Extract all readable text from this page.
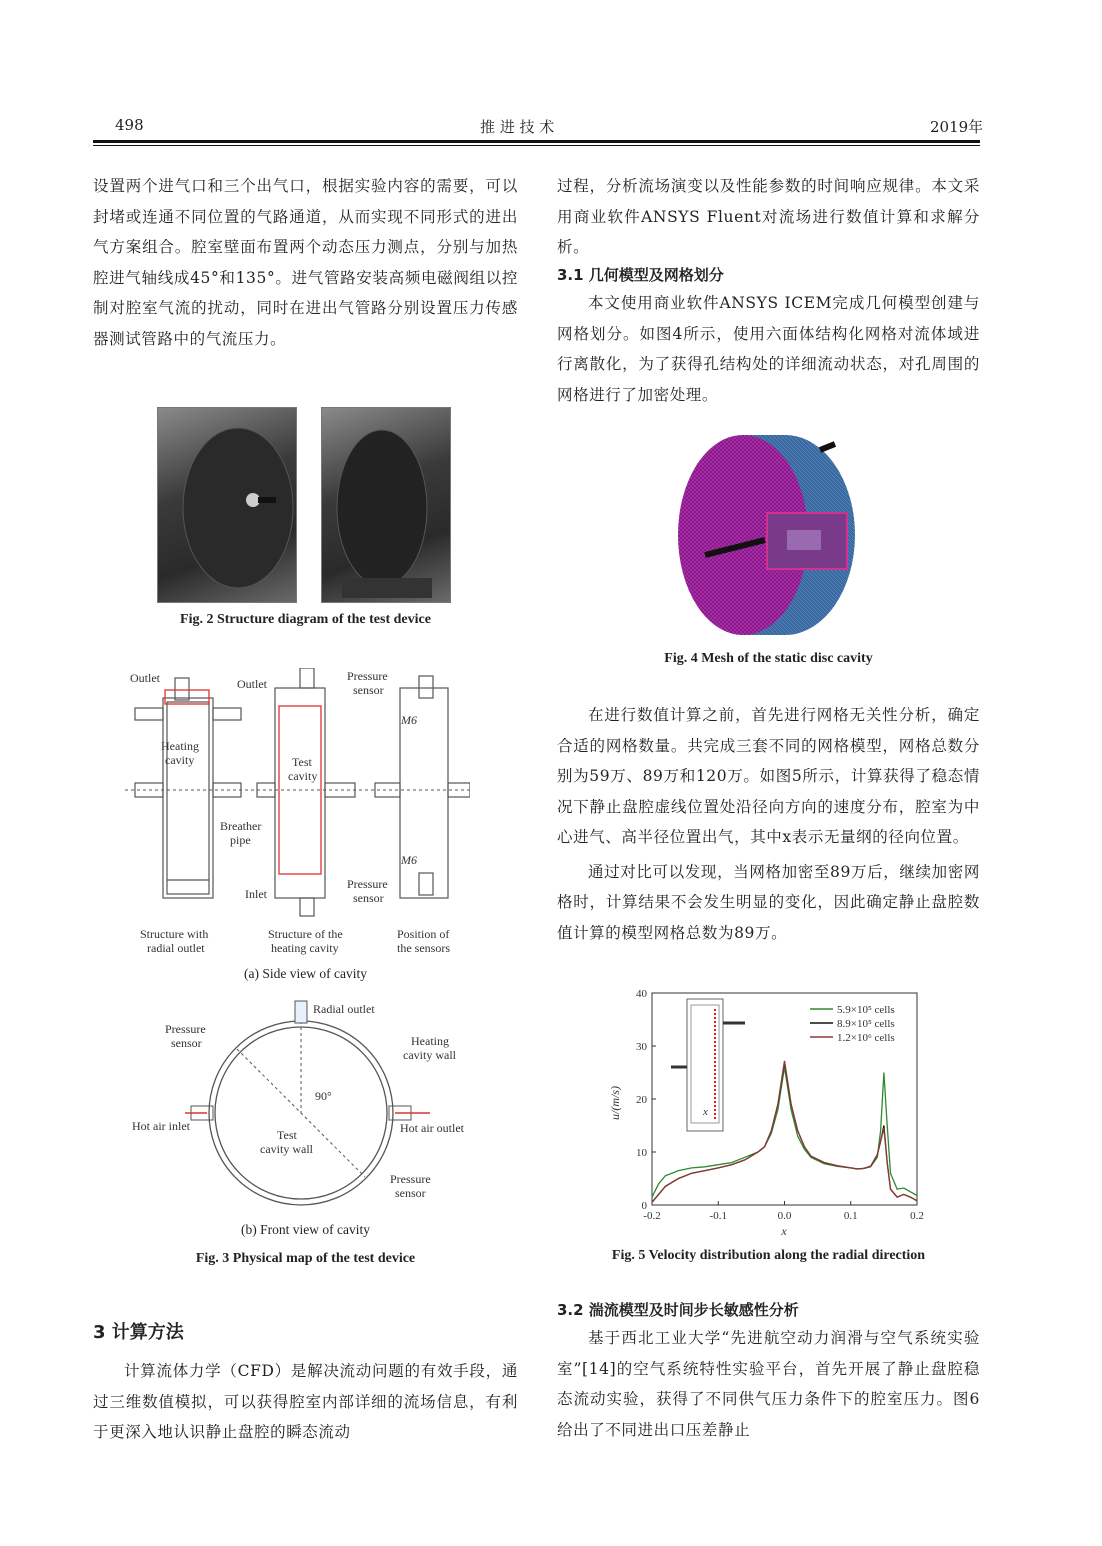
498	推 进 技 术	2019年

设置两个进气口和三个出气口，根据实验内容的需要，可以封堵或连通不同位置的气路通道，从而实现不同形式的进出气方案组合。腔室壁面布置两个动态压力测点，分别与加热腔进气轴线成45°和135°。进气管路安装高频电磁阀组以控制对腔室气流的扰动，同时在进出气管路分别设置压力传感器测试管路中的气流压力。

Fig. 2 Structure diagram of the test device
Outlet
Heating
cavity
Breather
pipe
Outlet
Test
cavity
Inlet
Pressure
sensor
M6
M6
Pressure
sensor
Structure with
radial outlet
Structure of the
heating cavity
Position of
the sensors
(a) Side view of cavity
Radial outlet
Pressure
sensor	Heating
cavity wall
90°
Hot air inlet	Hot air outlet
Test
cavity wall
Pressure
sensor
(b) Front view of cavity
Fig. 3 Physical map of the test device
3 计算方法

计算流体力学（CFD）是解决流动问题的有效手段，通过三维数值模拟，可以获得腔室内部详细的流场信息，有利于更深入地认识静止盘腔的瞬态流动

过程，分析流场演变以及性能参数的时间响应规律。本文采用商业软件ANSYS Fluent对流场进行数值计算和求解分析。

3.1 几何模型及网格划分

本文使用商业软件ANSYS ICEM完成几何模型创建与网格划分。如图4所示，使用六面体结构化网格对流体域进行离散化，为了获得孔结构处的详细流动状态，对孔周围的网格进行了加密处理。

Fig. 4 Mesh of the static disc cavity

在进行数值计算之前，首先进行网格无关性分析，确定合适的网格数量。共完成三套不同的网格模型，网格总数分别为59万、89万和120万。如图5所示，计算获得了稳态情况下静止盘腔虚线位置处沿径向方向的速度分布，腔室为中心进气、高半径位置出气，其中x表示无量纲的径向位置。

通过对比可以发现，当网格加密至89万后，继续加密网格时，计算结果不会发生明显的变化，因此确定静止盘腔数值计算的模型网格总数为89万。

-0.2	-0.1	0.0	0.1	0.2
0
10
20
30
40
x
5.9×10⁵ cells
8.9×10⁵ cells
1.2×10⁶ cells
u/(m/s)
x
Fig. 5 Velocity distribution along the radial direction
3.2 湍流模型及时间步长敏感性分析

基于西北工业大学“先进航空动力润滑与空气系统实验室”[14]的空气系统特性实验平台，首先开展了静止盘腔稳态流动实验，获得了不同供气压力条件下的腔室压力。图6给出了不同进出口压差静止
